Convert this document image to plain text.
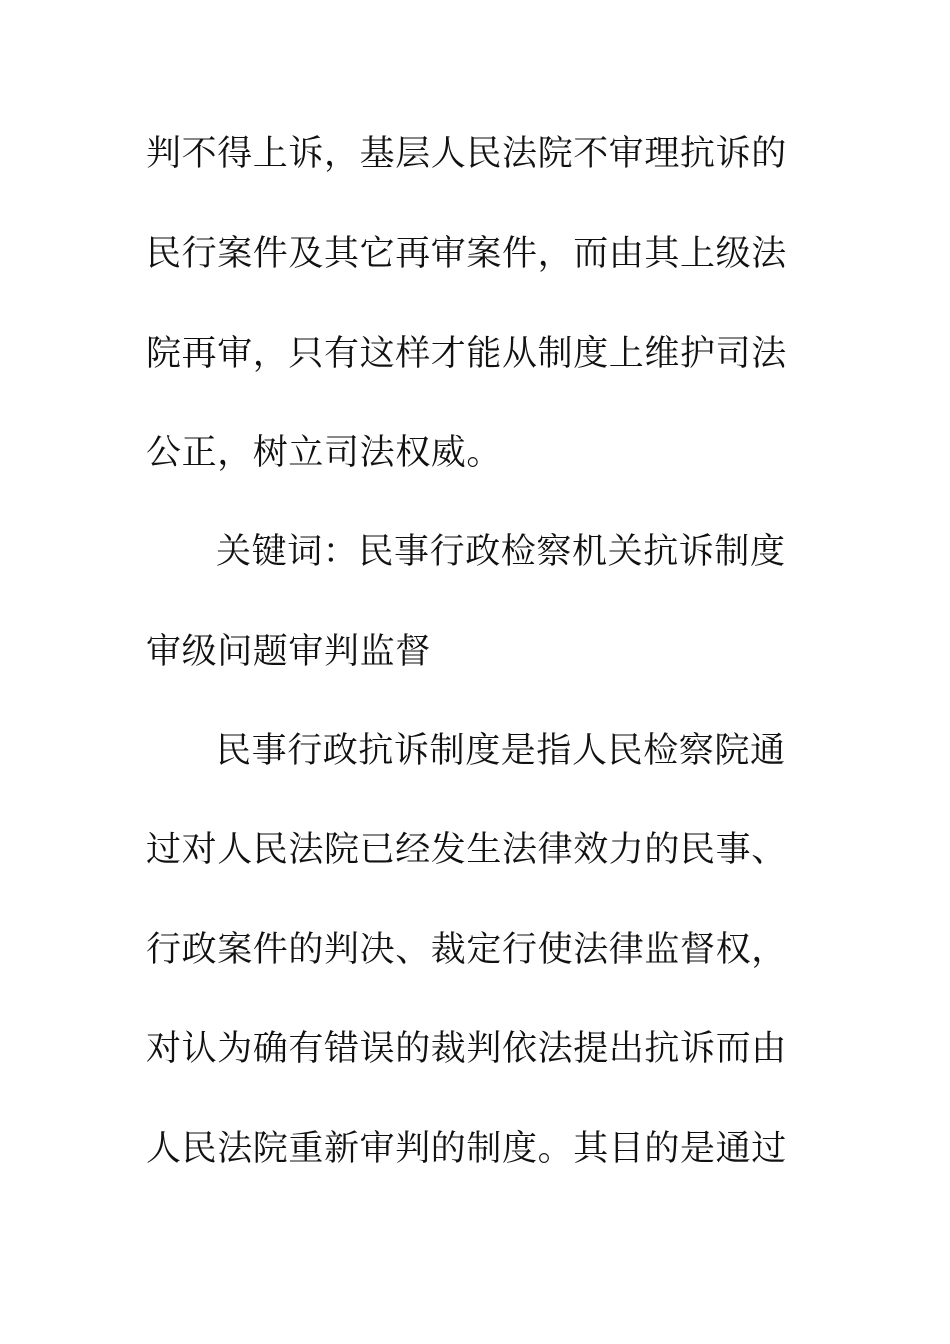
判不得上诉，基层人民法院不审理抗诉的
民行案件及其它再审案件，而由其上级法
院再审，只有这样才能从制度上维护司法
公正，树立司法权威。
关键词：民事行政检察机关抗诉制度
审级问题审判监督
民事行政抗诉制度是指人民检察院通
过对人民法院已经发生法律效力的民事、
行政案件的判决、裁定行使法律监督权，
对认为确有错误的裁判依法提出抗诉而由
人民法院重新审判的制度。其目的是通过
